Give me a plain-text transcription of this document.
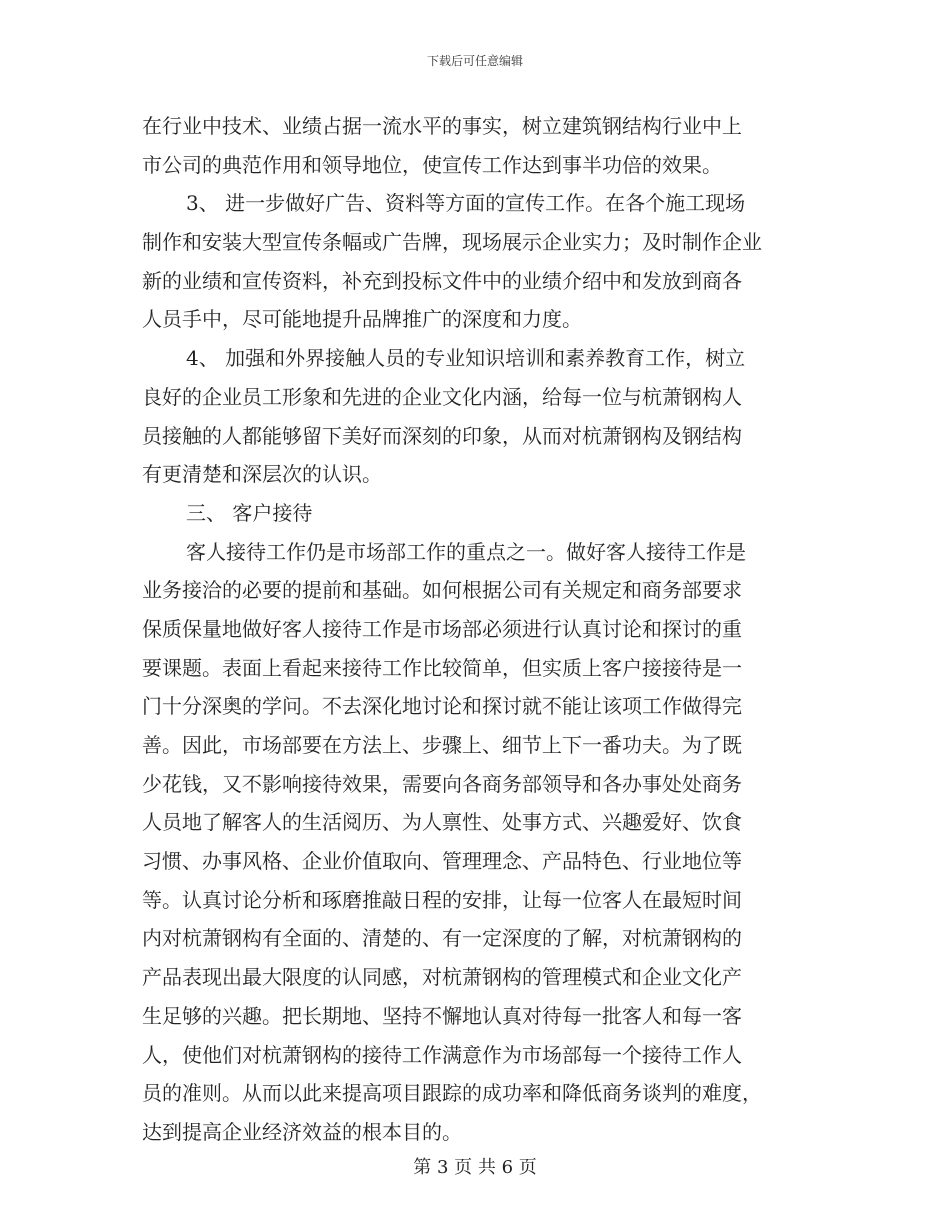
下载后可任意编辑
在行业中技术、业绩占据一流水平的事实，树立建筑钢结构行业中上
市公司的典范作用和领导地位，使宣传工作达到事半功倍的效果。
3、 进一步做好广告、资料等方面的宣传工作。在各个施工现场
制作和安装大型宣传条幅或广告牌，现场展示企业实力；及时制作企业
新的业绩和宣传资料，补充到投标文件中的业绩介绍中和发放到商各
人员手中，尽可能地提升品牌推广的深度和力度。
4、 加强和外界接触人员的专业知识培训和素养教育工作，树立
良好的企业员工形象和先进的企业文化内涵，给每一位与杭萧钢构人
员接触的人都能够留下美好而深刻的印象，从而对杭萧钢构及钢结构
有更清楚和深层次的认识。
三、 客户接待
客人接待工作仍是市场部工作的重点之一。做好客人接待工作是
业务接洽的必要的提前和基础。如何根据公司有关规定和商务部要求
保质保量地做好客人接待工作是市场部必须进行认真讨论和探讨的重
要课题。表面上看起来接待工作比较简单，但实质上客户接接待是一
门十分深奥的学问。不去深化地讨论和探讨就不能让该项工作做得完
善。因此，市场部要在方法上、步骤上、细节上下一番功夫。为了既
少花钱，又不影响接待效果，需要向各商务部领导和各办事处处商务
人员地了解客人的生活阅历、为人禀性、处事方式、兴趣爱好、饮食
习惯、办事风格、企业价值取向、管理理念、产品特色、行业地位等
等。认真讨论分析和琢磨推敲日程的安排，让每一位客人在最短时间
内对杭萧钢构有全面的、清楚的、有一定深度的了解，对杭萧钢构的
产品表现出最大限度的认同感，对杭萧钢构的管理模式和企业文化产
生足够的兴趣。把长期地、坚持不懈地认真对待每一批客人和每一客
人，使他们对杭萧钢构的接待工作满意作为市场部每一个接待工作人
员的准则。从而以此来提高项目跟踪的成功率和降低商务谈判的难度，
达到提高企业经济效益的根本目的。
第 3 页 共 6 页
